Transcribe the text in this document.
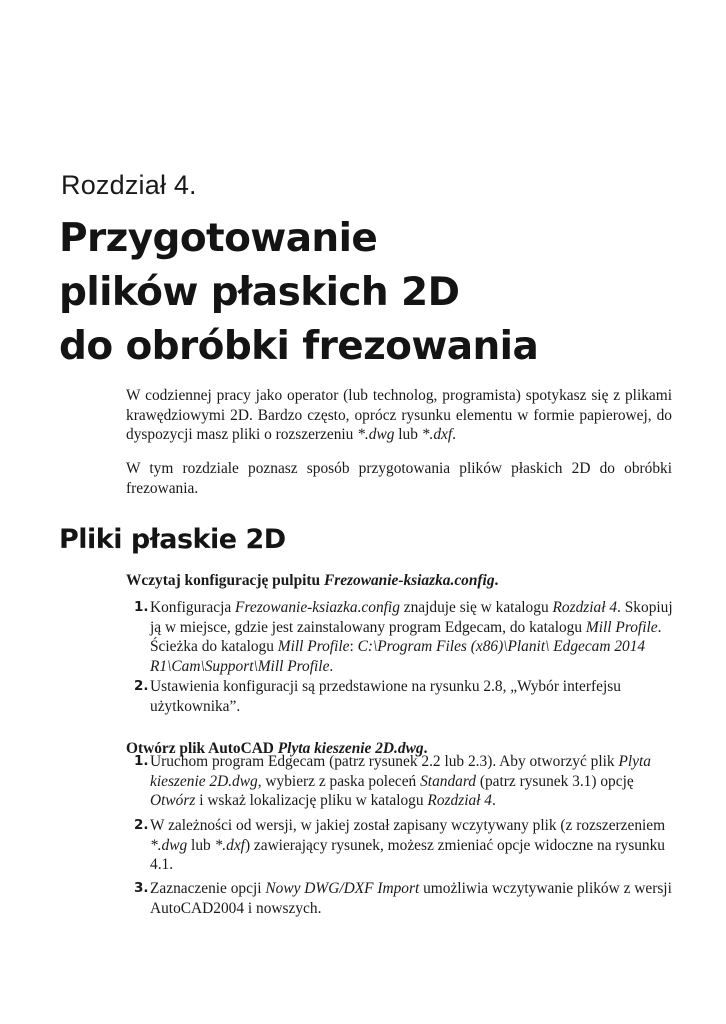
Rozdział 4.
Przygotowanie
plików płaskich 2D
do obróbki frezowania

W codziennej pracy jako operator (lub technolog, programista) spotykasz się z plikami krawędziowymi 2D. Bardzo często, oprócz rysunku elementu w formie papierowej, do dyspozycji masz pliki o rozszerzeniu *.dwg lub *.dxf.

W tym rozdziale poznasz sposób przygotowania plików płaskich 2D do obróbki frezowania.

Pliki płaskie 2D

Wczytaj konfigurację pulpitu Frezowanie-ksiazka.config.

1. Konfiguracja Frezowanie-ksiazka.config znajduje się w katalogu Rozdział 4. Skopiuj ją w miejsce, gdzie jest zainstalowany program Edgecam, do katalogu Mill Profile. Ścieżka do katalogu Mill Profile: C:\Program Files (x86)\Planit\ Edgecam 2014 R1\Cam\Support\Mill Profile.
2. Ustawienia konfiguracji są przedstawione na rysunku 2.8, „Wybór interfejsu użytkownika”.

Otwórz plik AutoCAD Plyta kieszenie 2D.dwg.

1. Uruchom program Edgecam (patrz rysunek 2.2 lub 2.3). Aby otworzyć plik Plyta kieszenie 2D.dwg, wybierz z paska poleceń Standard (patrz rysunek 3.1) opcję Otwórz i wskaż lokalizację pliku w katalogu Rozdział 4.
2. W zależności od wersji, w jakiej został zapisany wczytywany plik (z rozszerzeniem *.dwg lub *.dxf) zawierający rysunek, możesz zmieniać opcje widoczne na rysunku 4.1.
3. Zaznaczenie opcji Nowy DWG/DXF Import umożliwia wczytywanie plików z wersji AutoCAD2004 i nowszych.
